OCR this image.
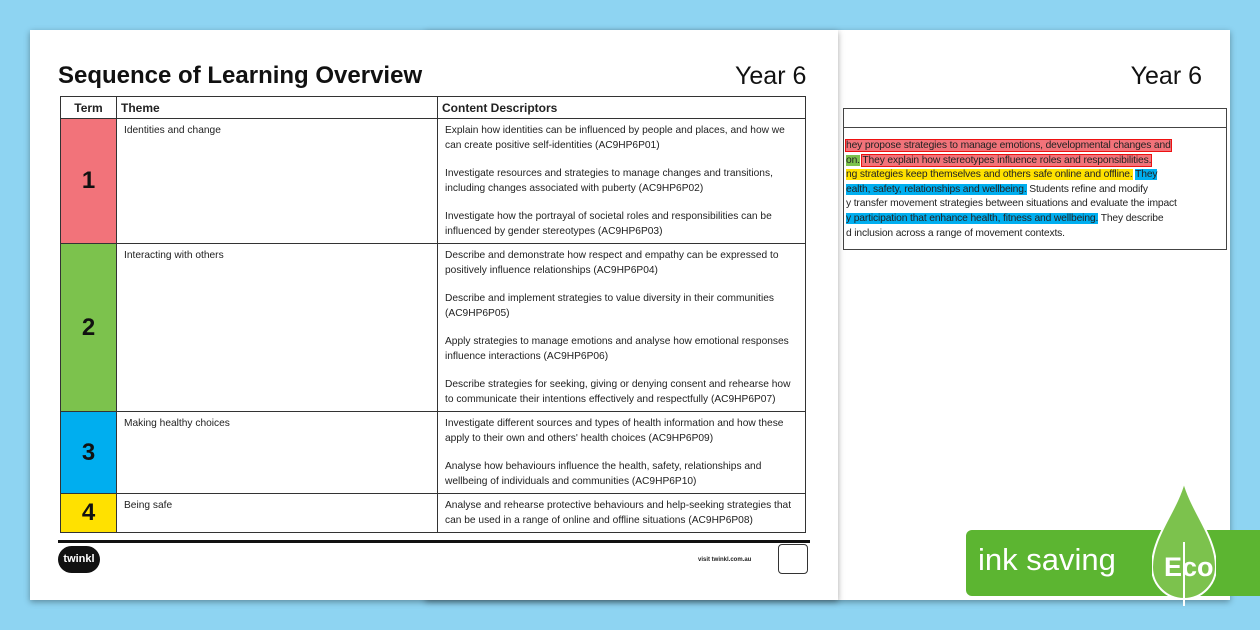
Year 6
hey propose strategies to manage emotions, developmental changes and
on. They explain how stereotypes influence roles and responsibilities.
ng strategies keep themselves and others safe online and offline. They
ealth, safety, relationships and wellbeing. Students refine and modify
y transfer movement strategies between situations and evaluate the impact
y participation that enhance health, fitness and wellbeing. They describe
d inclusion across a range of movement contexts.
Sequence of Learning Overview	Year 6
Term	Theme	Content Descriptors
1	Identities and change	Explain how identities can be influenced by people and places, and how we can create positive self-identities (AC9HP6P01)

Investigate resources and strategies to manage changes and transitions, including changes associated with puberty (AC9HP6P02)

Investigate how the portrayal of societal roles and responsibilities can be influenced by gender stereotypes (AC9HP6P03)

2	Interacting with others	Describe and demonstrate how respect and empathy can be expressed to positively influence relationships (AC9HP6P04)

Describe and implement strategies to value diversity in their communities (AC9HP6P05)

Apply strategies to manage emotions and analyse how emotional responses influence interactions (AC9HP6P06)

Describe strategies for seeking, giving or denying consent and rehearse how to communicate their intentions effectively and respectfully (AC9HP6P07)

3	Making healthy choices	Investigate different sources and types of health information and how these apply to their own and others' health choices (AC9HP6P09)

Analyse how behaviours influence the health, safety, relationships and wellbeing of individuals and communities (AC9HP6P10)

4	Being safe	Analyse and rehearse protective behaviours and help-seeking strategies that can be used in a range of online and offline situations (AC9HP6P08)

twinkl	visit twinkl.com.au	ink saving Eco
